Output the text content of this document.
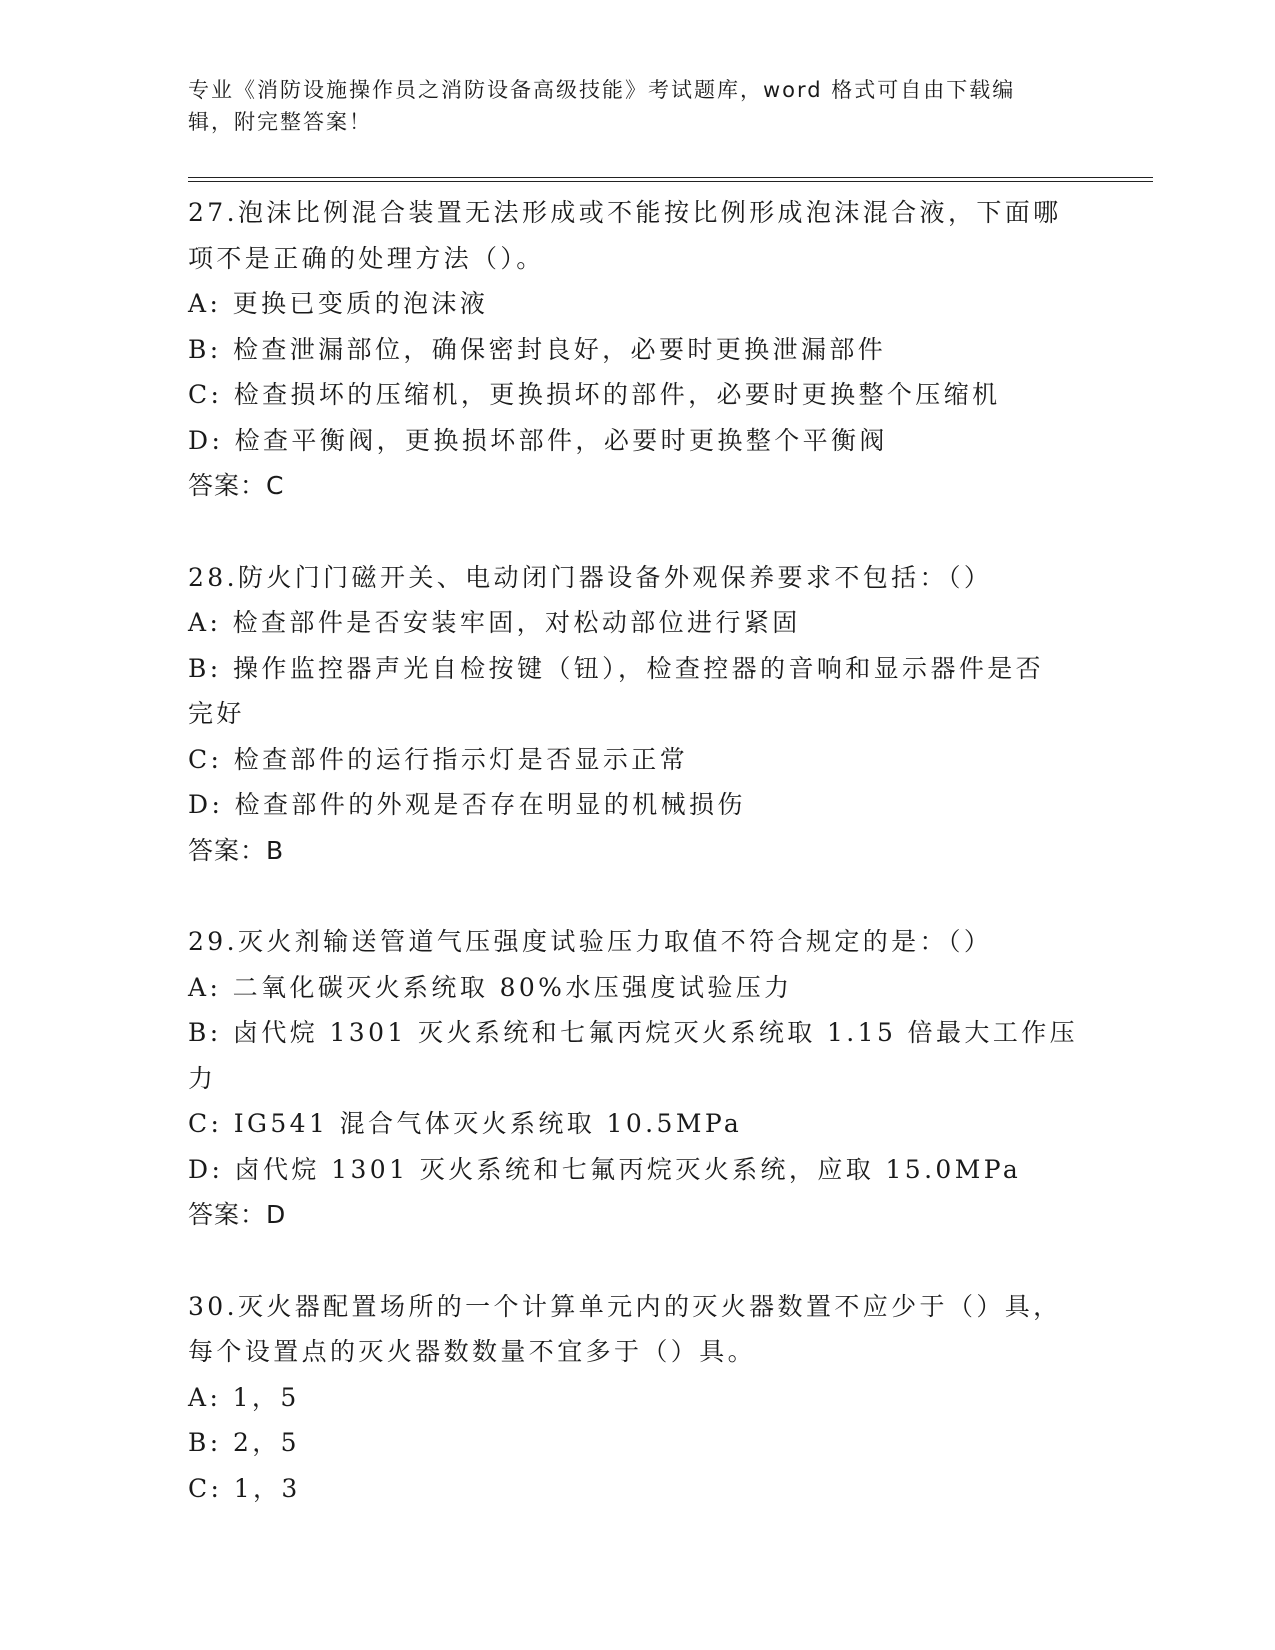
专业《消防设施操作员之消防设备高级技能》考试题库，word 格式可自由下载编
辑，附完整答案！
27.泡沫比例混合装置无法形成或不能按比例形成泡沫混合液，下面哪
项不是正确的处理方法（）。
A: 更换已变质的泡沫液
B: 检查泄漏部位，确保密封良好，必要时更换泄漏部件
C: 检查损坏的压缩机，更换损坏的部件，必要时更换整个压缩机
D: 检查平衡阀，更换损坏部件，必要时更换整个平衡阀
答案：C
28.防火门门磁开关、电动闭门器设备外观保养要求不包括：（）
A: 检查部件是否安装牢固，对松动部位进行紧固
B: 操作监控器声光自检按键（钮），检查控器的音响和显示器件是否
完好
C: 检查部件的运行指示灯是否显示正常
D: 检查部件的外观是否存在明显的机械损伤
答案：B
29.灭火剂输送管道气压强度试验压力取值不符合规定的是：（）
A: 二氧化碳灭火系统取 80%水压强度试验压力
B: 卤代烷 1301 灭火系统和七氟丙烷灭火系统取 1.15 倍最大工作压力
C: IG541 混合气体灭火系统取 10.5MPa
D: 卤代烷 1301 灭火系统和七氟丙烷灭火系统，应取 15.0MPa
答案：D
30.灭火器配置场所的一个计算单元内的灭火器数置不应少于（）具，
每个设置点的灭火器数数量不宜多于（）具。
A: 1，5
B: 2，5
C: 1，3
